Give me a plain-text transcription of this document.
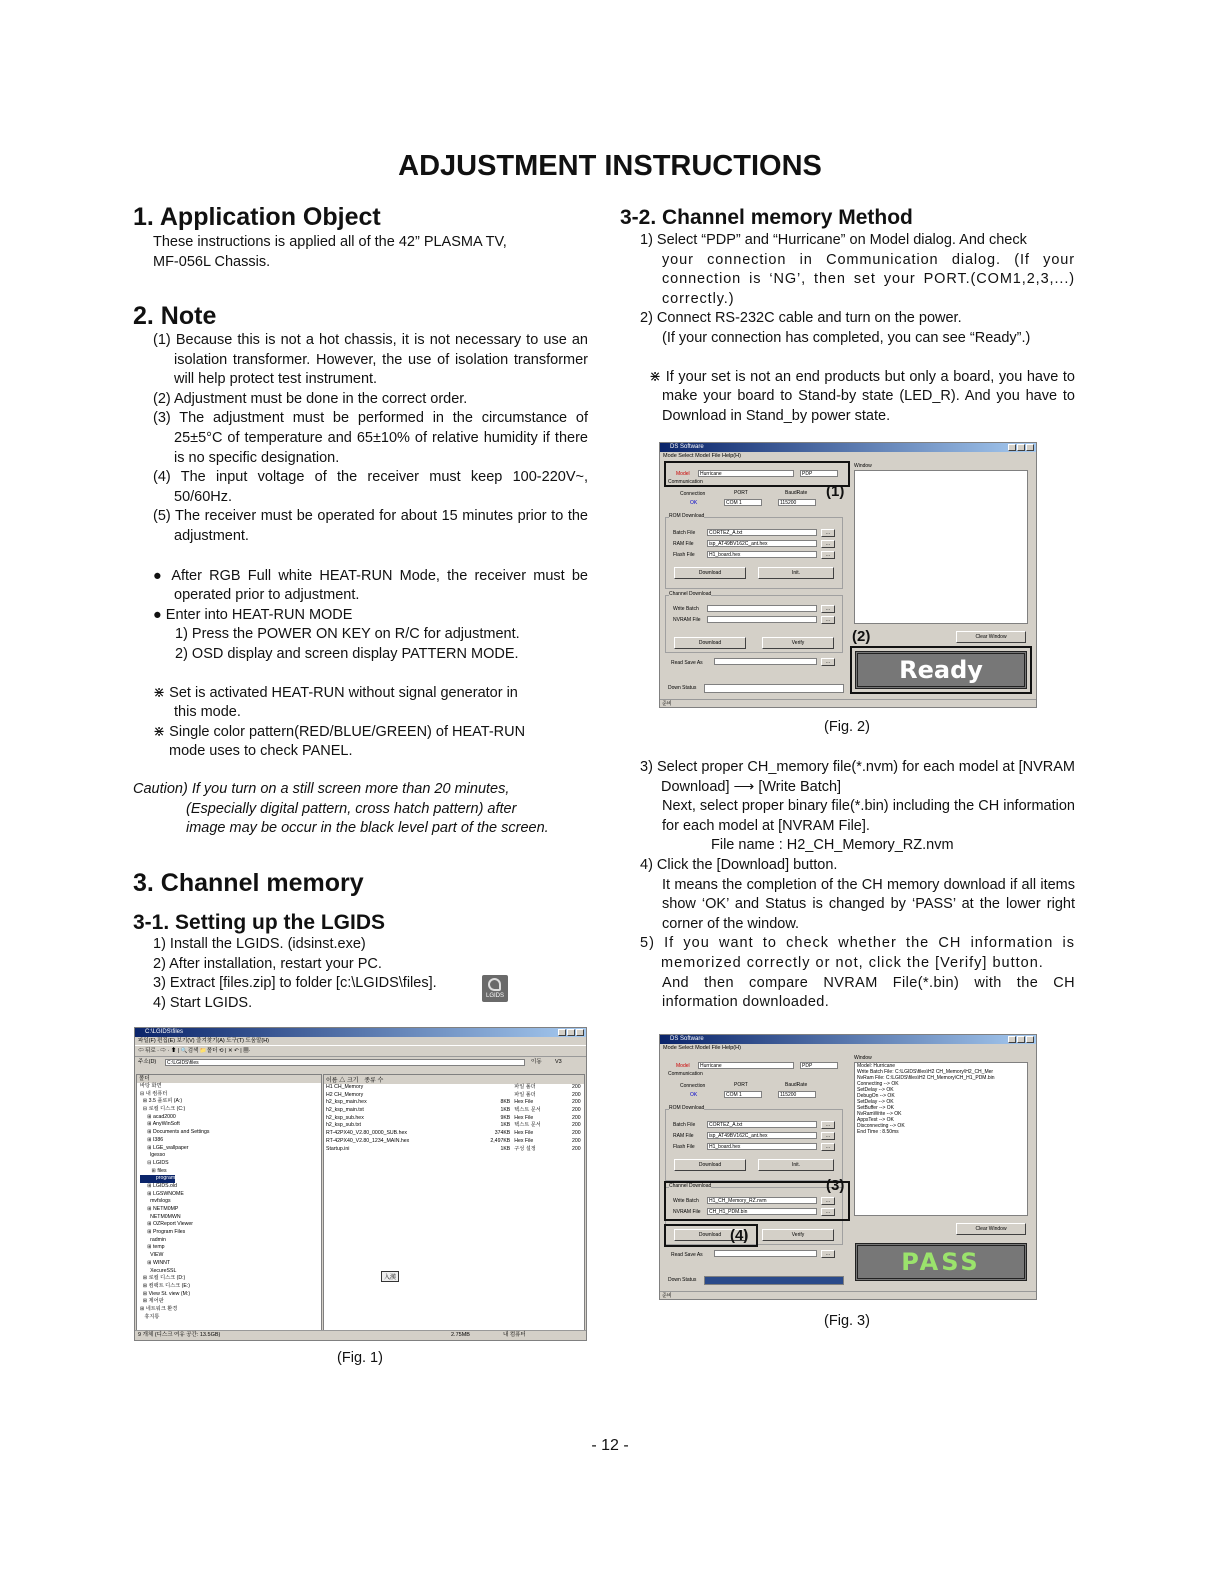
ADJUSTMENT INSTRUCTIONS
1. Application Object
These instructions is applied all of the 42” PLASMA TV,
MF-056L Chassis.
2. Note
(1) Because this is not a hot chassis, it is not necessary to use an isolation transformer. However, the use of isolation transformer will help protect test instrument.
(2) Adjustment must be done in the correct order.
(3) The adjustment must be performed in the circumstance of 25±5°C of temperature and 65±10% of relative humidity if there is no specific designation.
(4) The input voltage of the receiver must keep 100-220V~, 50/60Hz.
(5) The receiver must be operated for about 15 minutes prior to the adjustment.
● After RGB Full white HEAT-RUN Mode, the receiver must be operated prior to adjustment.
● Enter into HEAT-RUN MODE
1) Press the POWER ON KEY on R/C for adjustment.
2) OSD display and screen display PATTERN MODE.
⋇ Set is activated HEAT-RUN without signal generator in
this mode.
⋇ Single color pattern(RED/BLUE/GREEN) of HEAT-RUN
mode uses to check PANEL.
Caution) If you turn on a still screen more than 20 minutes,
(Especially digital pattern, cross hatch pattern) after
image may be occur in the black level part of the screen.
3. Channel memory
3-1. Setting up the LGIDS
1) Install the LGIDS. (idsinst.exe)
2) After installation, restart your PC.
3) Extract [files.zip] to folder [c:\LGIDS\files].
4) Start LGIDS.	LGIDS
C:\LGIDS\files
파일(F) 편집(E) 보기(V) 즐겨찾기(A) 도구(T) 도움말(H)
⇦ 뒤로 · ⇨ · ⬆ | 🔍검색 📁폴더 ⟲ | ✕ ↶ | ▦·
주소(D)	C:\LGIDS\files	이동 V3
폴더
바탕 화면
⊟ 내 컴퓨터
⊞ 3.5 플로피 (A:)
⊟ 로컬 디스크 (C:)
⊞ acad2000
⊞ AnyWinSoft
⊞ Documents and Settings
⊞ I386
⊞ LGE_wallpaper
lgesso
⊟ LGIDS
⊞ files
program
⊞ LGIDS.old
⊞ LGSWNOME
mvfslogs
⊞ NETM0MP
NETM0MWN
⊞ OZReport Viewer
⊞ Program Files
radmin
⊞ temp
VIEW
⊞ WINNT
XecureSSL
⊞ 로컬 디스크 (D:)
⊞ 컴팩트 디스크 (E:)
⊞ View St. view (M:)
⊞ 제어판
⊞ 네트워크 환경
휴지통
이름 △ 크기 종류 수
H1 CH_Memory	파일 폴더	200
H2 CH_Memory	파일 폴더	200
h2_ksp_main.hex	8KB Hex File	200
h2_ksp_main.txt	1KB 텍스트 문서	200
h2_ksp_sub.hex	9KB Hex File	200
h2_ksp_sub.txt	1KB 텍스트 문서	200
RT-42PX40_V2.80_0000_SUB.hex	374KB Hex File	200
RT-42PX40_V2.80_1234_MAIN.hex	2,497KB Hex File	200
Startup.ini	1KB 구성 설정	200
入漢
9 개체 (디스크 여유 공간: 13.5GB)	2.75MB	내 컴퓨터
(Fig. 1)
3-2. Channel memory Method
1) Select “PDP” and “Hurricane” on Model dialog. And check
your connection in Communication dialog. (If your connection is ‘NG’, then set your PORT.(COM1,2,3,...) correctly.)
2) Connect RS-232C cable and turn on the power.
(If your connection has completed, you can see “Ready”.)
⋇ If your set is not an end products but only a board, you have to make your board to Stand-by state (LED_R). And you have to Download in Stand_by power state.
DS Software
Mode Select Model File Help(H)
Model	Hurricane	PDP
Communication
Connection
OK
PORT
COM 1
BaudRate
115200
ROM Download
Batch File	CORTEZ_A.txt	...
RAM File	isp_AT49BV162C_ant.hex	...
Flash File	H1_board.hex	...
Download	Init.
Channel Download
Write Batch	...
NVRAM File	...
Download	Verify
Read Save As	...
Down Status
Window
Clear Window
준비
(1)
(2)
Ready
(Fig. 2)
3) Select proper CH_memory file(*.nvm) for each model at [NVRAM Download] ⟶ [Write Batch]
Next, select proper binary file(*.bin) including the CH information for each model at [NVRAM File].
File name : H2_CH_Memory_RZ.nvm
4) Click the [Download] button.
It means the completion of the CH memory download if all items show ‘OK’ and Status is changed by ‘PASS’ at the lower right corner of the window.
5) If you want to check whether the CH information is memorized correctly or not, click the [Verify] button.
And then compare NVRAM File(*.bin) with the CH information downloaded.
DS Software
Mode Select Model File Help(H)
Model	Hurricane	PDP
Communication
Connection
OK
PORT
COM 1
BaudRate
115200
ROM Download
Batch File	CORTEZ_A.txt	...
RAM File	isp_AT49BV162C_ant.hex	...
Flash File	H1_board.hex	...
Download	Init.
Channel Download
Write Batch	H1_CH_Memory_RZ.nvm	...
NVRAM File	CH_H1_PDM.bin	...
Download	Verify
Read Save As	...
Down Status
Window
Model: Hurricane
Write Batch File: C:\LGIDS\files\H2 CH_Memory\H2_CH_Mer
NvRam File: C:\LGIDS\files\H2 CH_Memory\CH_H1_PDM.bin
Connecting --> OK
SetDelay --> OK
DebugOn --> OK
SetDelay --> OK
SetBuffer --> OK
NvRamWrite --> OK
AppsTest --> OK
Disconnecting --> OK
End Time : 8.50ms
Clear Window
준비
(3)
(4)
PASS
(Fig. 3)
- 12 -
